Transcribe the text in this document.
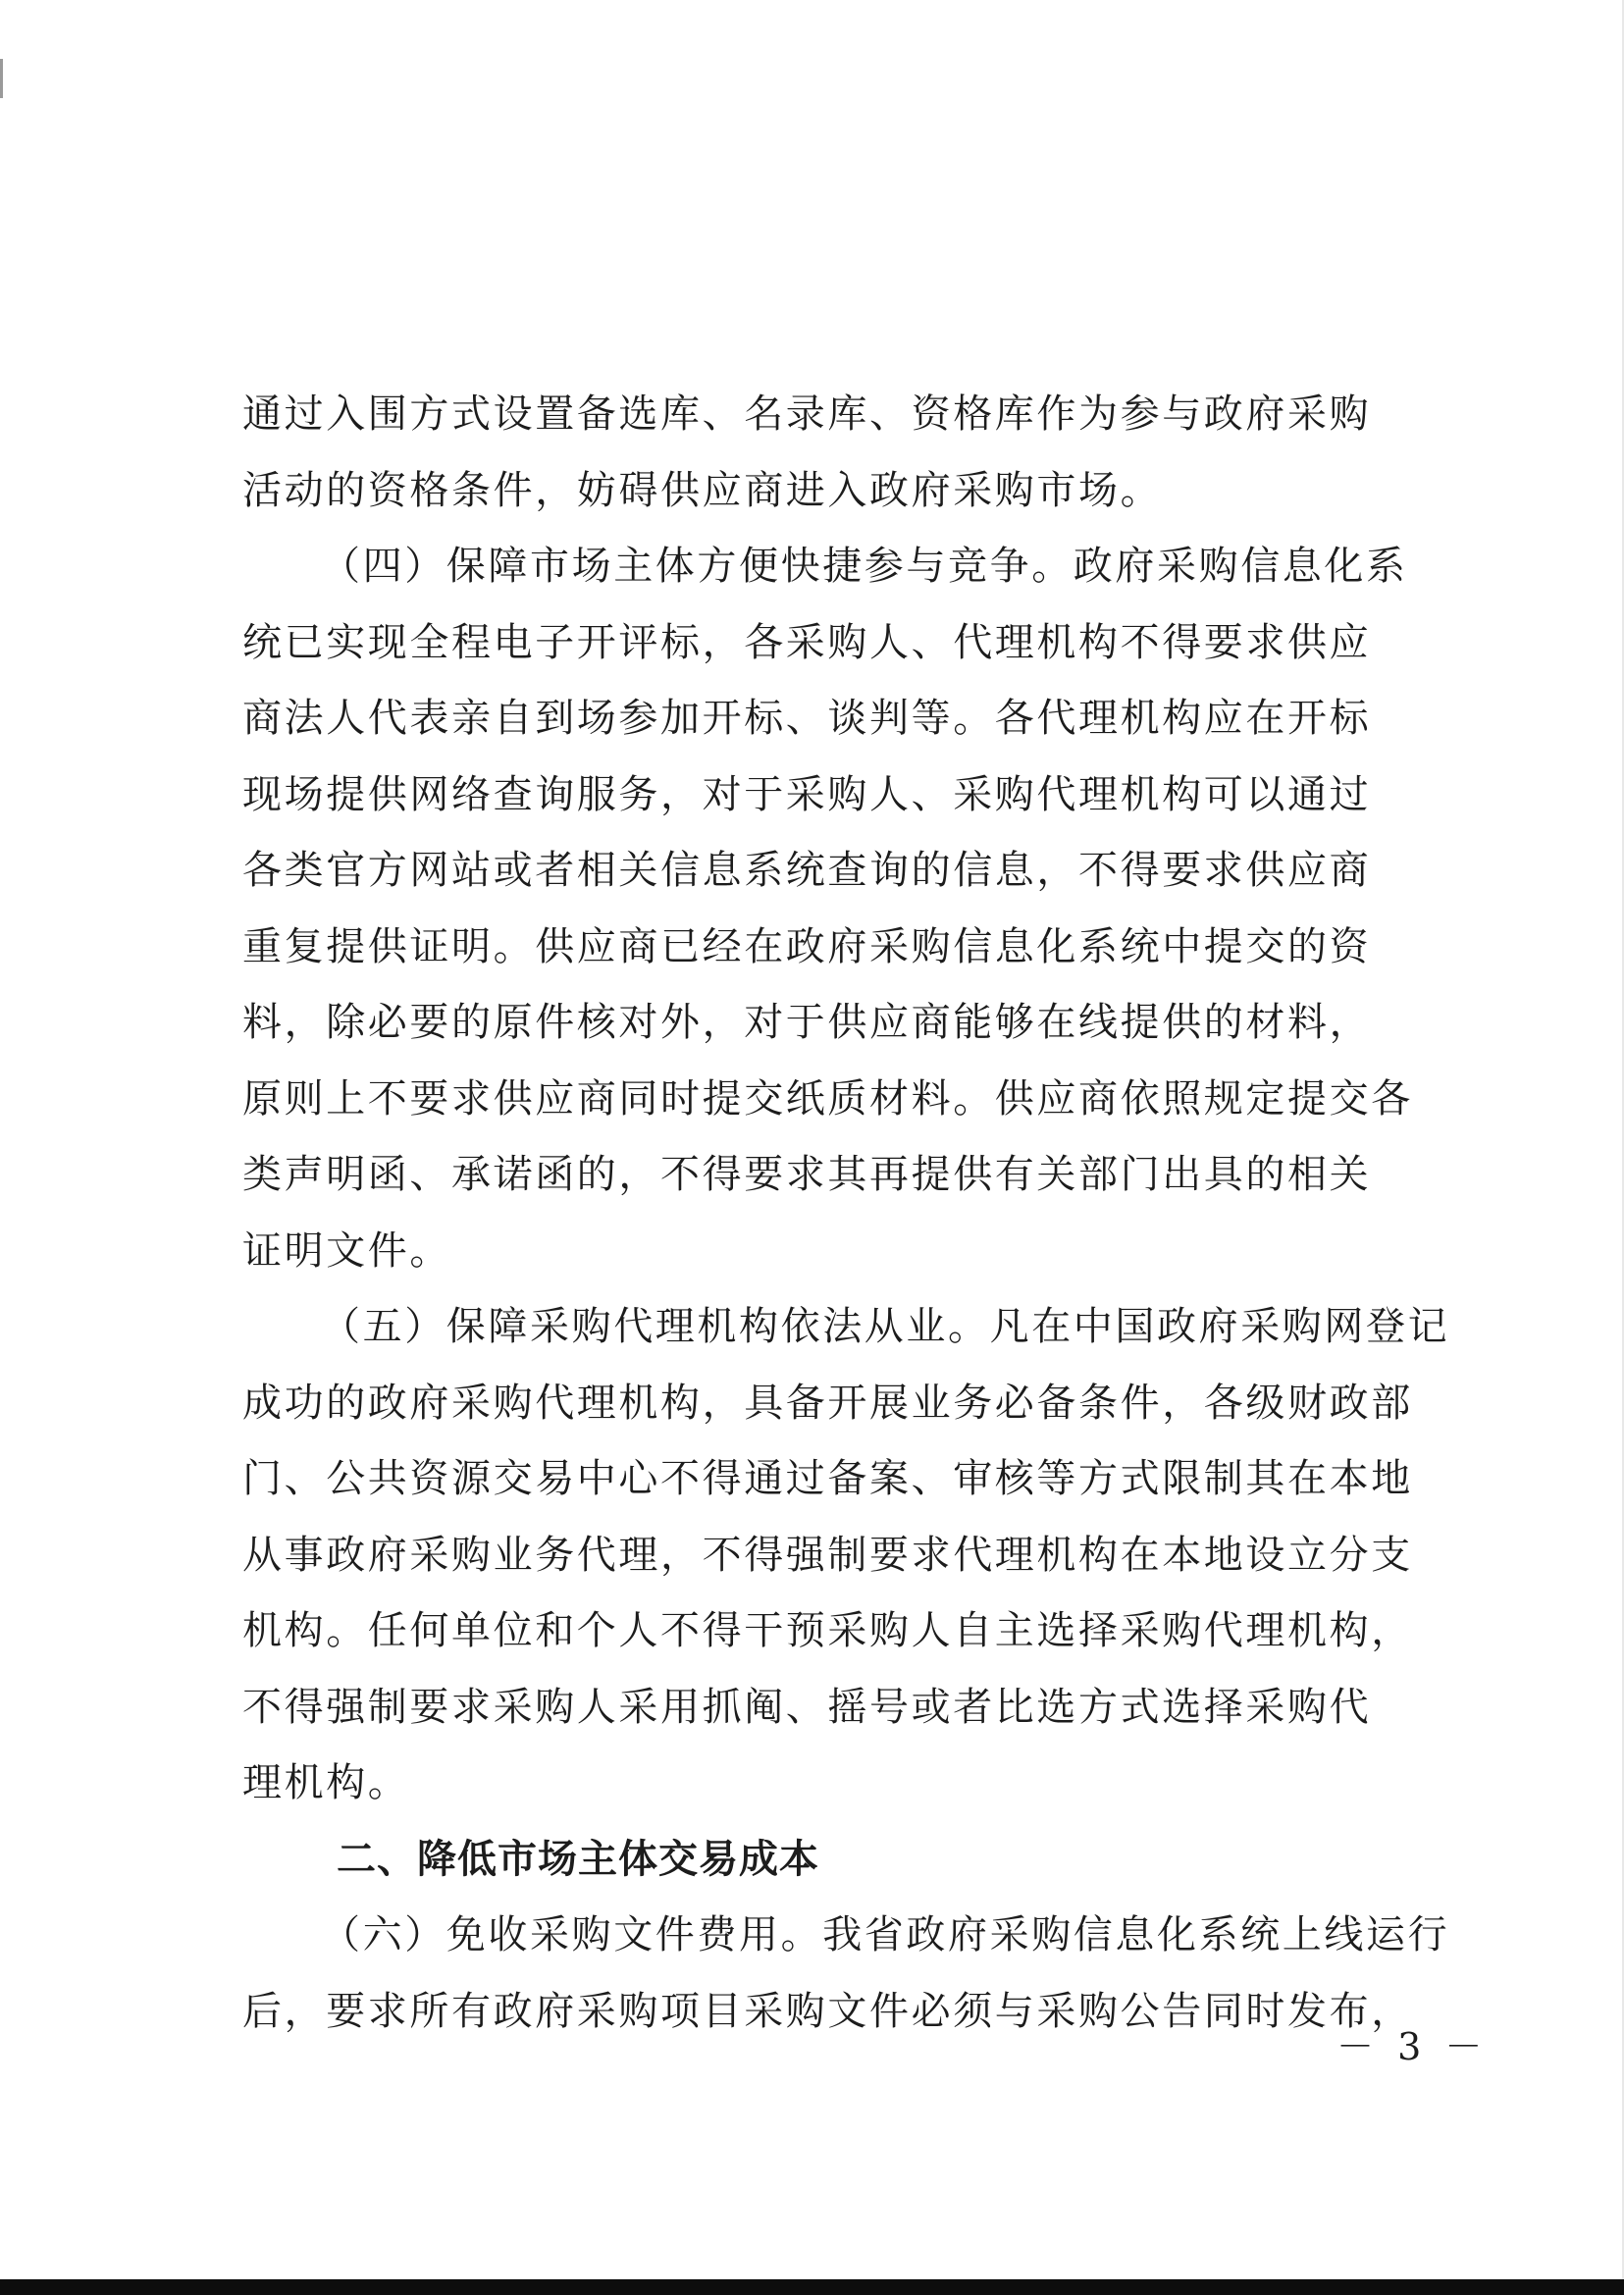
通过入围方式设置备选库、名录库、资格库作为参与政府采购
活动的资格条件，妨碍供应商进入政府采购市场。
（四）保障市场主体方便快捷参与竞争。政府采购信息化系
统已实现全程电子开评标，各采购人、代理机构不得要求供应
商法人代表亲自到场参加开标、谈判等。各代理机构应在开标
现场提供网络查询服务，对于采购人、采购代理机构可以通过
各类官方网站或者相关信息系统查询的信息，不得要求供应商
重复提供证明。供应商已经在政府采购信息化系统中提交的资
料，除必要的原件核对外，对于供应商能够在线提供的材料，
原则上不要求供应商同时提交纸质材料。供应商依照规定提交各
类声明函、承诺函的，不得要求其再提供有关部门出具的相关
证明文件。
（五）保障采购代理机构依法从业。凡在中国政府采购网登记
成功的政府采购代理机构，具备开展业务必备条件，各级财政部
门、公共资源交易中心不得通过备案、审核等方式限制其在本地
从事政府采购业务代理，不得强制要求代理机构在本地设立分支
机构。任何单位和个人不得干预采购人自主选择采购代理机构，
不得强制要求采购人采用抓阄、摇号或者比选方式选择采购代
理机构。
二、降低市场主体交易成本
（六）免收采购文件费用。我省政府采购信息化系统上线运行
后，要求所有政府采购项目采购文件必须与采购公告同时发布，
－ 3 －
